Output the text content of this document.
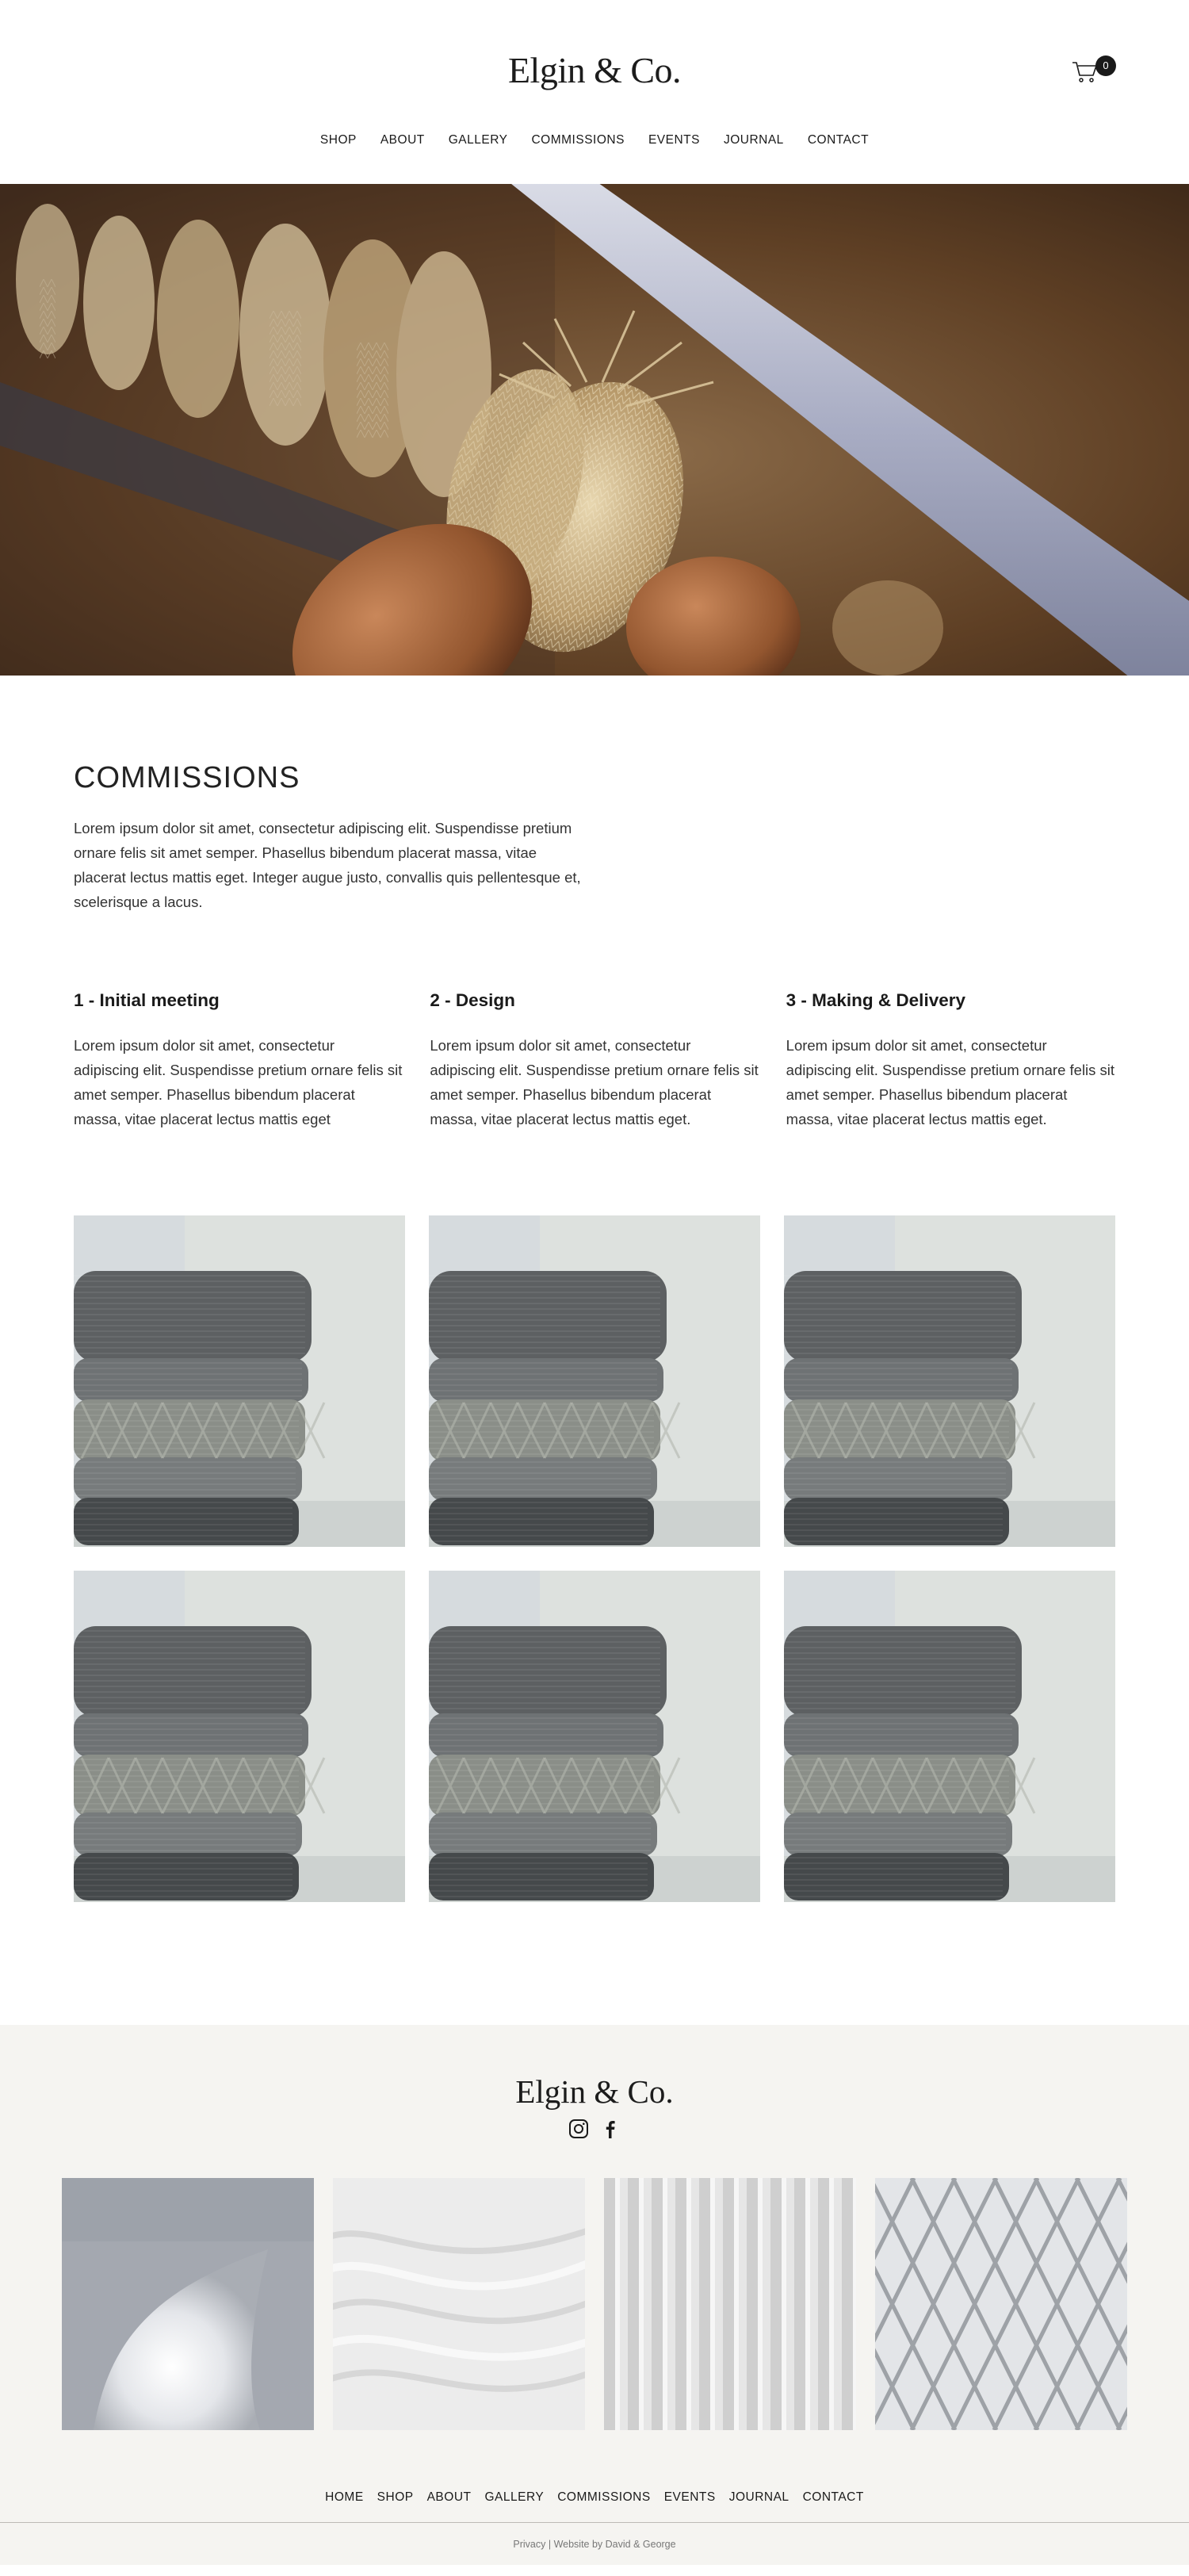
Elgin & Co.	0
SHOP ABOUT GALLERY COMMISSIONS EVENTS JOURNAL CONTACT
COMMISSIONS

Lorem ipsum dolor sit amet, consectetur adipiscing elit. Suspendisse pretium ornare felis sit amet semper. Phasellus bibendum placerat massa, vitae placerat lectus mattis eget. Integer augue justo, convallis quis pellentesque et, scelerisque a lacus.

1 - Initial meeting

Lorem ipsum dolor sit amet, consectetur adipiscing elit. Suspendisse pretium ornare felis sit amet semper. Phasellus bibendum placerat massa, vitae placerat lectus mattis eget

2 - Design

Lorem ipsum dolor sit amet, consectetur adipiscing elit. Suspendisse pretium ornare felis sit amet semper. Phasellus bibendum placerat massa, vitae placerat lectus mattis eget.

3 - Making & Delivery

Lorem ipsum dolor sit amet, consectetur adipiscing elit. Suspendisse pretium ornare felis sit amet semper. Phasellus bibendum placerat massa, vitae placerat lectus mattis eget.

Elgin & Co.
HOME SHOP ABOUT GALLERY COMMISSIONS EVENTS JOURNAL CONTACT
Privacy | Website by David & George
